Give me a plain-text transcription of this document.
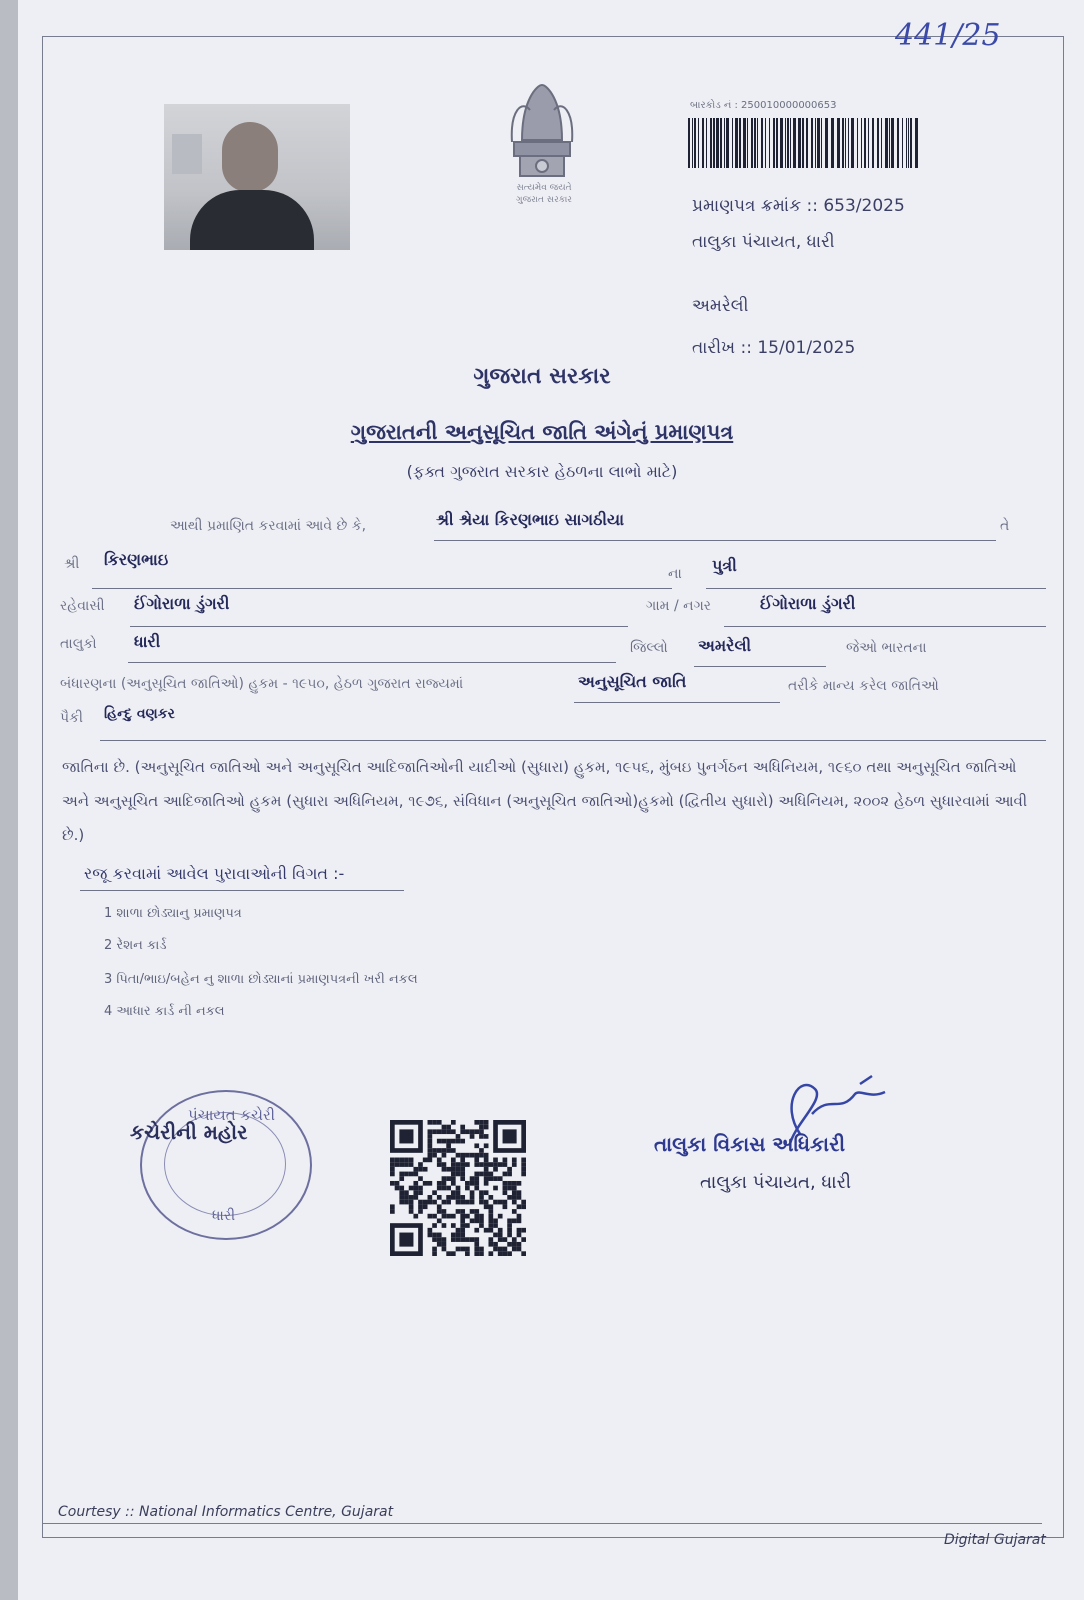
441/25
સત્યમેવ જયતે
ગુજરાત સરકાર
બારકોડ નં : 250010000000653
પ્રમાણપત્ર ક્રમાંક :: 653/2025
તાલુકા પંચાયત, ધારી
અમરેલી
તારીખ :: 15/01/2025
ગુજરાત સરકાર
ગુજરાતની અનુસૂચિત જાતિ અંગેનું પ્રમાણપત્ર
(ફક્ત ગુજરાત સરકાર હેઠળના લાભો માટે)
આથી પ્રમાણિત કરવામાં આવે છે કે,	શ્રી શ્રેયા કિરણભાઇ સાગઠીયા	તે
શ્રી કિરણભાઇ
ના પુત્રી
રહેવાસી ઈંગોરાળા ડુંગરી	ગામ / નગર	ઈંગોરાળા ડુંગરી
તાલુકો ધારી	જિલ્લો અમરેલી	જેઓ ભારતના
બંધારણના (અનુસૂચિત જાતિઓ) હુકમ - ૧૯૫૦, હેઠળ ગુજરાત રાજ્યમાં	અનુસૂચિત જાતિ	તરીકે માન્ય કરેલ જાતિઓ
પૈકી હિન્દુ વણકર
જાતિના છે. (અનુસૂચિત જાતિઓ અને અનુસૂચિત આદિજાતિઓની યાદીઓ (સુધારા) હુકમ, ૧૯૫૬, મુંબઇ પુનર્ગઠન અધિનિયમ, ૧૯૬૦ તથા અનુસૂચિત જાતિઓ અને અનુસૂચિત આદિજાતિઓ હુકમ (સુધારા અધિનિયમ, ૧૯૭૬, સંવિધાન (અનુસૂચિત જાતિઓ)હુકમો (દ્વિતીય સુધારો) અધિનિયમ, ૨૦૦૨ હેઠળ સુધારવામાં આવી છે.)
રજૂ કરવામાં આવેલ પુરાવાઓની વિગત :-
1 શાળા છોડ્યાનુ પ્રમાણપત્ર
2 રેશન કાર્ડ
3 પિતા/ભાઇ/બહેન નુ શાળા છોડ્યાનાં પ્રમાણપત્રની ખરી નકલ
4 આધાર કાર્ડ ની નકલ
પંચાયત કચેરી
ધારી
કચેરીની મહોર	તાલુકા વિકાસ અધિકારી
તાલુકા પંચાયત, ધારી
Courtesy :: National Informatics Centre, Gujarat
Digital Gujarat
